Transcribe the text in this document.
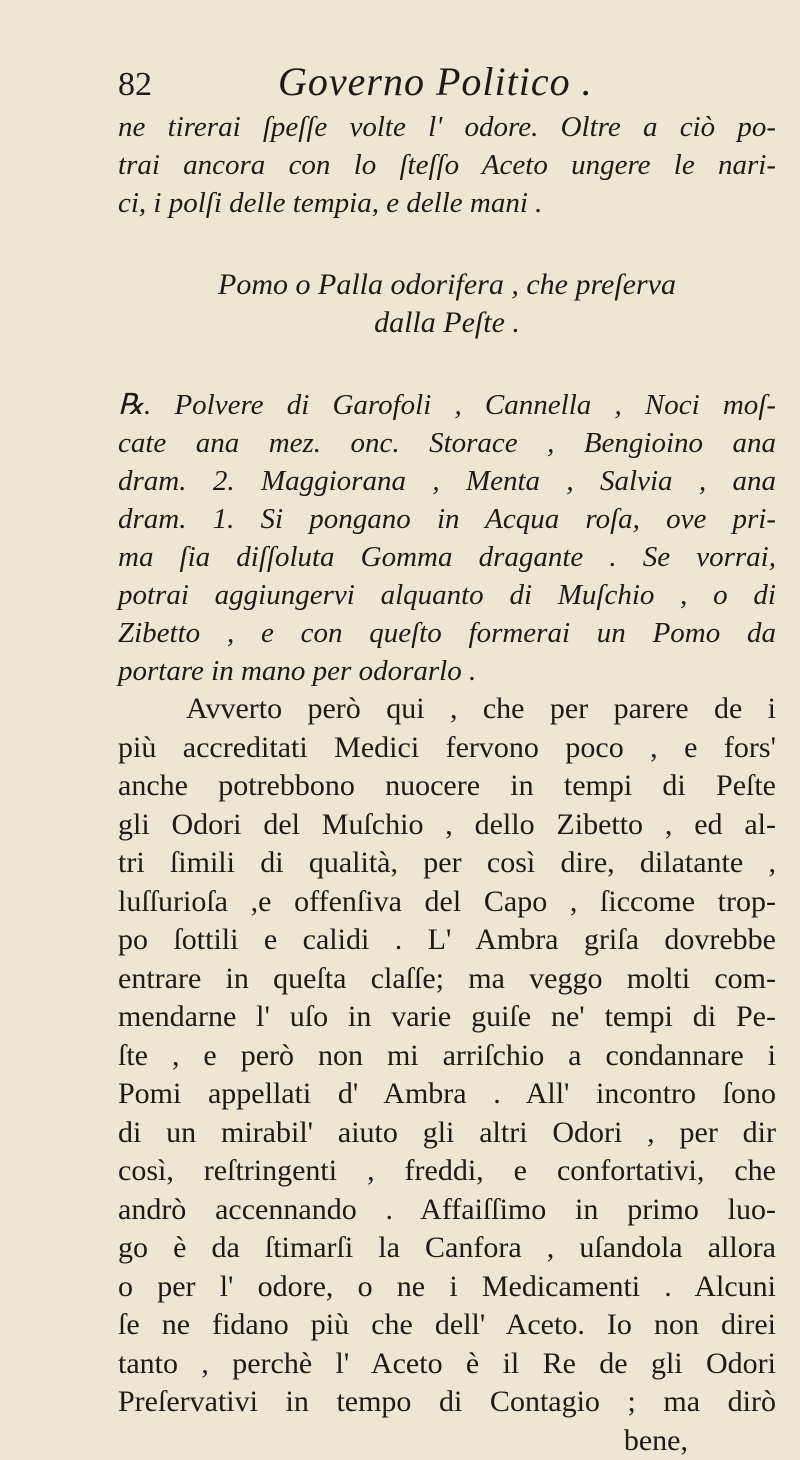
82	Governo Politico .
ne tirerai ſpeſſe volte l' odore. Oltre a ciò po-
trai ancora con lo ſteſſo Aceto ungere le nari-
ci, i polſi delle tempia, e delle mani .
Pomo o Palla odorifera , che preſerva
dalla Peſte .
℞. Polvere di Garofoli , Cannella , Noci moſ-
cate ana mez. onc. Storace , Bengioino ana
dram. 2. Maggiorana , Menta , Salvia , ana
dram. 1. Si pongano in Acqua roſa, ove pri-
ma ſia diſſoluta Gomma dragante . Se vorrai,
potrai aggiungervi alquanto di Muſchio , o di
Zibetto , e con queſto formerai un Pomo da
portare in mano per odorarlo .
Avverto però qui , che per parere de i
più accreditati Medici fervono poco , e fors'
anche potrebbono nuocere in tempi di Peſte
gli Odori del Muſchio , dello Zibetto , ed al-
tri ſimili di qualità, per così dire, dilatante ,
luſſurioſa ,e offenſiva del Capo , ſiccome trop-
po ſottili e calidi . L' Ambra griſa dovrebbe
entrare in queſta claſſe; ma veggo molti com-
mendarne l' uſo in varie guiſe ne' tempi di Pe-
ſte , e però non mi arriſchio a condannare i
Pomi appellati d' Ambra . All' incontro ſono
di un mirabil' aiuto gli altri Odori , per dir
così, reſtringenti , freddi, e confortativi, che
andrò accennando . Affaiſſimo in primo luo-
go è da ſtimarſi la Canfora , uſandola allora
o per l' odore, o ne i Medicamenti . Alcuni
ſe ne fidano più che dell' Aceto. Io non direi
tanto , perchè l' Aceto è il Re de gli Odori
Preſervativi in tempo di Contagio ; ma dirò
bene,
